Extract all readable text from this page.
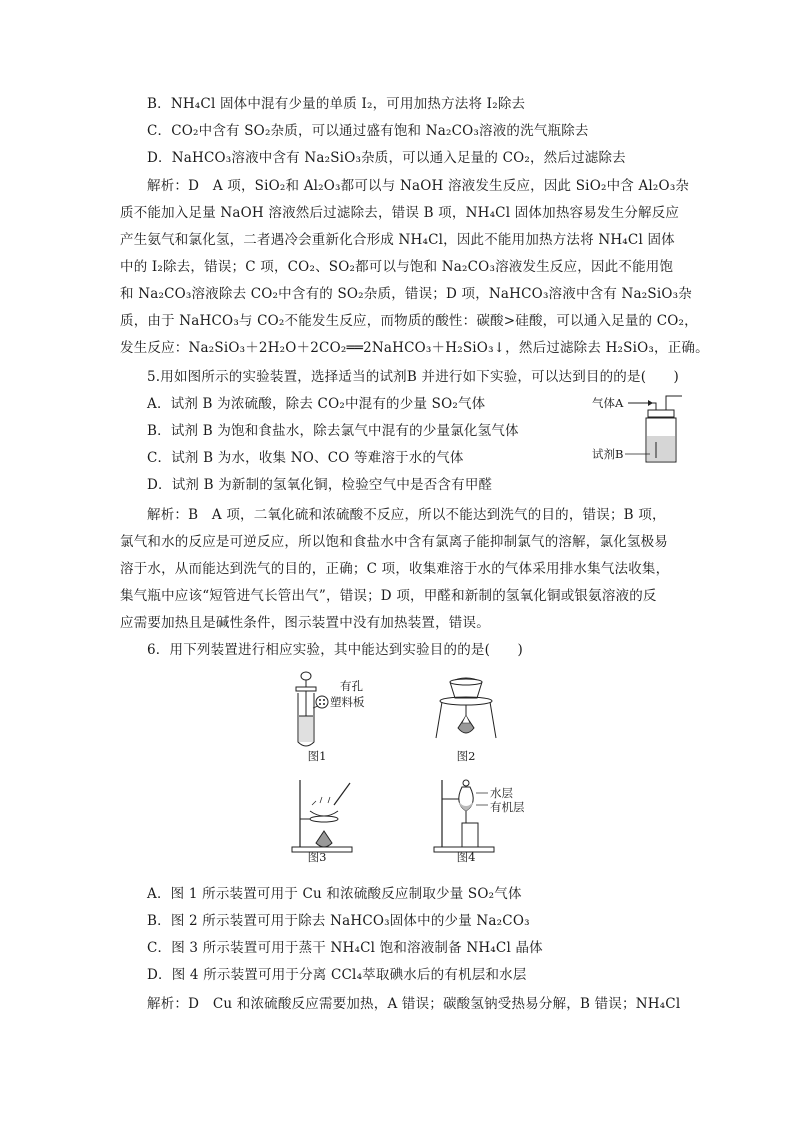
B．NH₄Cl 固体中混有少量的单质 I₂，可用加热方法将 I₂除去
C．CO₂中含有 SO₂杂质，可以通过盛有饱和 Na₂CO₃溶液的洗气瓶除去
D．NaHCO₃溶液中含有 Na₂SiO₃杂质，可以通入足量的 CO₂，然后过滤除去
解析：D　A 项，SiO₂和 Al₂O₃都可以与 NaOH 溶液发生反应，因此 SiO₂中含 Al₂O₃杂
质不能加入足量 NaOH 溶液然后过滤除去，错误 B 项，NH₄Cl 固体加热容易发生分解反应
产生氨气和氯化氢，二者遇冷会重新化合形成 NH₄Cl，因此不能用加热方法将 NH₄Cl 固体
中的 I₂除去，错误；C 项，CO₂、SO₂都可以与饱和 Na₂CO₃溶液发生反应，因此不能用饱
和 Na₂CO₃溶液除去 CO₂中含有的 SO₂杂质，错误；D 项，NaHCO₃溶液中含有 Na₂SiO₃杂
质，由于 NaHCO₃与 CO₂不能发生反应，而物质的酸性：碳酸>硅酸，可以通入足量的 CO₂，
发生反应：Na₂SiO₃＋2H₂O＋2CO₂══2NaHCO₃＋H₂SiO₃↓，然后过滤除去 H₂SiO₃，正确。
5.用如图所示的实验装置，选择适当的试剂B 并进行如下实验，可以达到目的的是(　　)
A．试剂 B 为浓硫酸，除去 CO₂中混有的少量 SO₂气体
B．试剂 B 为饱和食盐水，除去氯气中混有的少量氯化氢气体
C．试剂 B 为水，收集 NO、CO 等难溶于水的气体
D．试剂 B 为新制的氢氧化铜，检验空气中是否含有甲醛
气体A
试剂B
解析：B　A 项，二氧化硫和浓硫酸不反应，所以不能达到洗气的目的，错误；B 项，
氯气和水的反应是可逆反应，所以饱和食盐水中含有氯离子能抑制氯气的溶解，氯化氢极易
溶于水，从而能达到洗气的目的，正确；C 项，收集难溶于水的气体采用排水集气法收集，
集气瓶中应该“短管进气长管出气”，错误；D 项，甲醛和新制的氢氧化铜或银氨溶液的反
应需要加热且是碱性条件，图示装置中没有加热装置，错误。
6．用下列装置进行相应实验，其中能达到实验目的的是(　　)
有孔
塑料板
图1	图2
图3
水层
有机层
图4
A．图 1 所示装置可用于 Cu 和浓硫酸反应制取少量 SO₂气体
B．图 2 所示装置可用于除去 NaHCO₃固体中的少量 Na₂CO₃
C．图 3 所示装置可用于蒸干 NH₄Cl 饱和溶液制备 NH₄Cl 晶体
D．图 4 所示装置可用于分离 CCl₄萃取碘水后的有机层和水层
解析：D　Cu 和浓硫酸反应需要加热，A 错误；碳酸氢钠受热易分解，B 错误；NH₄Cl
